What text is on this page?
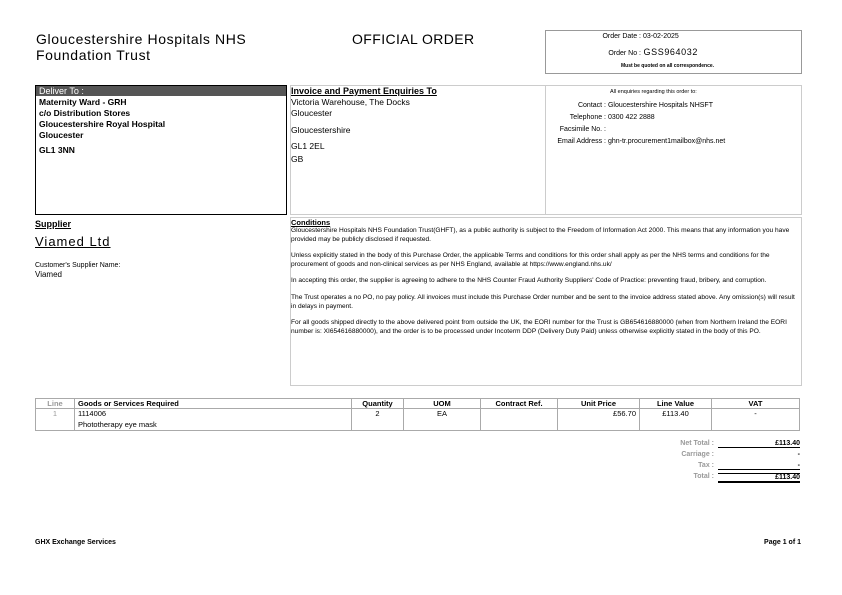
Gloucestershire Hospitals NHS
Foundation Trust
OFFICIAL ORDER	Order Date : 03-02-2025
Order No : GSS964032
Must be quoted on all correspondence.
Deliver To :
Maternity Ward - GRH
c/o Distribution Stores
Gloucestershire Royal Hospital
Gloucester
GL1 3NN
Invoice and Payment Enquiries To
Victoria Warehouse, The Docks
Gloucester
Gloucestershire
GL1 2EL
GB
All enquiries regarding this order to:
Contact : Gloucestershire Hospitals NHSFT
Telephone : 0300 422 2888
Facsimile No. :
Email Address : ghn-tr.procurement1mailbox@nhs.net
Supplier
Viamed Ltd
Customer's Supplier Name:
Viamed
Conditions

Gloucestershire Hospitals NHS Foundation Trust(GHFT), as a public authority is subject to the Freedom of Information Act 2000. This means that any information you have provided may be publicly disclosed if requested.

Unless explicitly stated in the body of this Purchase Order, the applicable Terms and conditions for this order shall apply as per the NHS terms and conditions for the procurement of goods and non-clinical services as per NHS England, available at https://www.england.nhs.uk/

In accepting this order, the supplier is agreeing to adhere to the NHS Counter Fraud Authority Suppliers' Code of Practice: preventing fraud, bribery, and corruption.

The Trust operates a no PO, no pay policy. All invoices must include this Purchase Order number and be sent to the invoice address stated above. Any omission(s) will result in delays in payment.

For all goods shipped directly to the above delivered point from outside the UK, the EORI number for the Trust is GB654616880000 (when from Northern Ireland the EORI number is: XI654616880000), and the order is to be processed under Incoterm DDP (Delivery Duty Paid) unless otherwise explicitly stated in the body of this PO.

Line	Goods or Services Required	Quantity	UOM	Contract Ref.	Unit Price	Line Value	VAT
1	1114006	2	EA		£56.70	£113.40	-
	Phototherapy eye mask						
Net Total :	£113.40
Carriage :	-
Tax :	-
Total :	£113.40
GHX Exchange Services	Page 1 of 1
